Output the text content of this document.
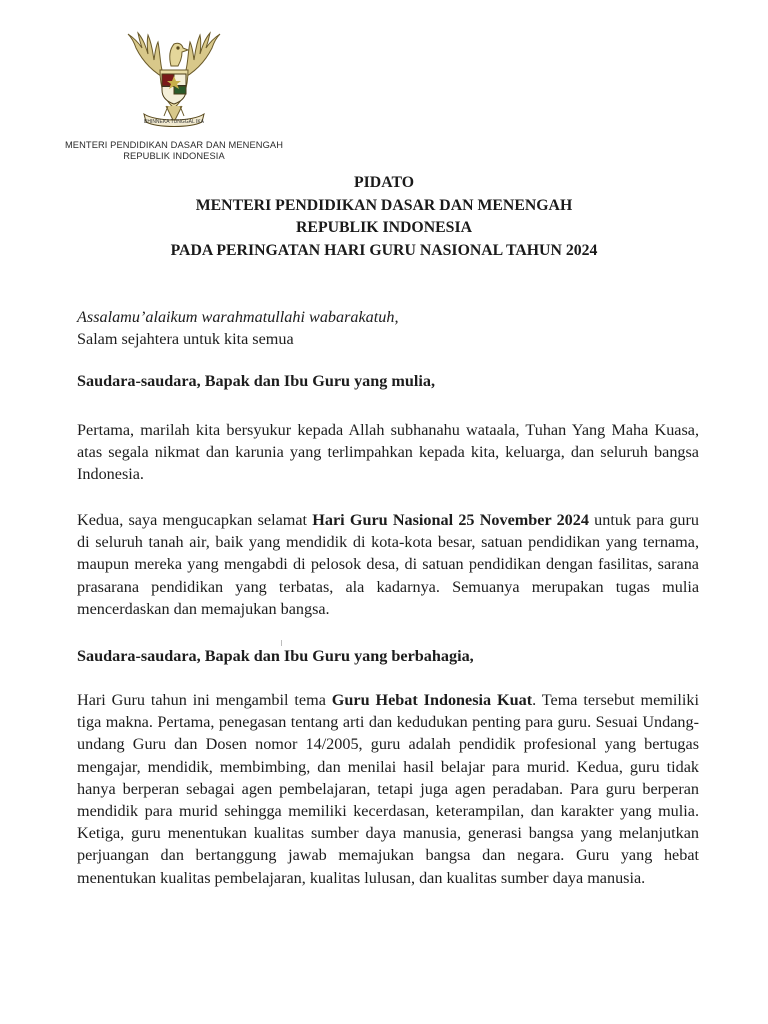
BHINNEKA TUNGGAL IKA
MENTERI PENDIDIKAN DASAR DAN MENENGAH
REPUBLIK INDONESIA
PIDATO
MENTERI PENDIDIKAN DASAR DAN MENENGAH
REPUBLIK INDONESIA
PADA PERINGATAN HARI GURU NASIONAL TAHUN 2024
Assalamu’alaikum warahmatullahi wabarakatuh,
Salam sejahtera untuk kita semua
Saudara-saudara, Bapak dan Ibu Guru yang mulia,

Pertama, marilah kita bersyukur kepada Allah subhanahu wataala, Tuhan Yang Maha Kuasa, atas segala nikmat dan karunia yang terlimpahkan kepada kita, keluarga, dan seluruh bangsa Indonesia.

Kedua, saya mengucapkan selamat Hari Guru Nasional 25 November 2024 untuk para guru di seluruh tanah air, baik yang mendidik di kota-kota besar, satuan pendidikan yang ternama, maupun mereka yang mengabdi di pelosok desa, di satuan pendidikan dengan fasilitas, sarana prasarana pendidikan yang terbatas, ala kadarnya. Semuanya merupakan tugas mulia mencerdaskan dan memajukan bangsa.

Saudara-saudara, Bapak dan Ibu Guru yang berbahagia,

Hari Guru tahun ini mengambil tema Guru Hebat Indonesia Kuat. Tema tersebut memiliki tiga makna. Pertama, penegasan tentang arti dan kedudukan penting para guru. Sesuai Undang-undang Guru dan Dosen nomor 14/2005, guru adalah pendidik profesional yang bertugas mengajar, mendidik, membimbing, dan menilai hasil belajar para murid. Kedua, guru tidak hanya berperan sebagai agen pembelajaran, tetapi juga agen peradaban. Para guru berperan mendidik para murid sehingga memiliki kecerdasan, keterampilan, dan karakter yang mulia. Ketiga, guru menentukan kualitas sumber daya manusia, generasi bangsa yang melanjutkan perjuangan dan bertanggung jawab memajukan bangsa dan negara. Guru yang hebat menentukan kualitas pembelajaran, kualitas lulusan, dan kualitas sumber daya manusia.
